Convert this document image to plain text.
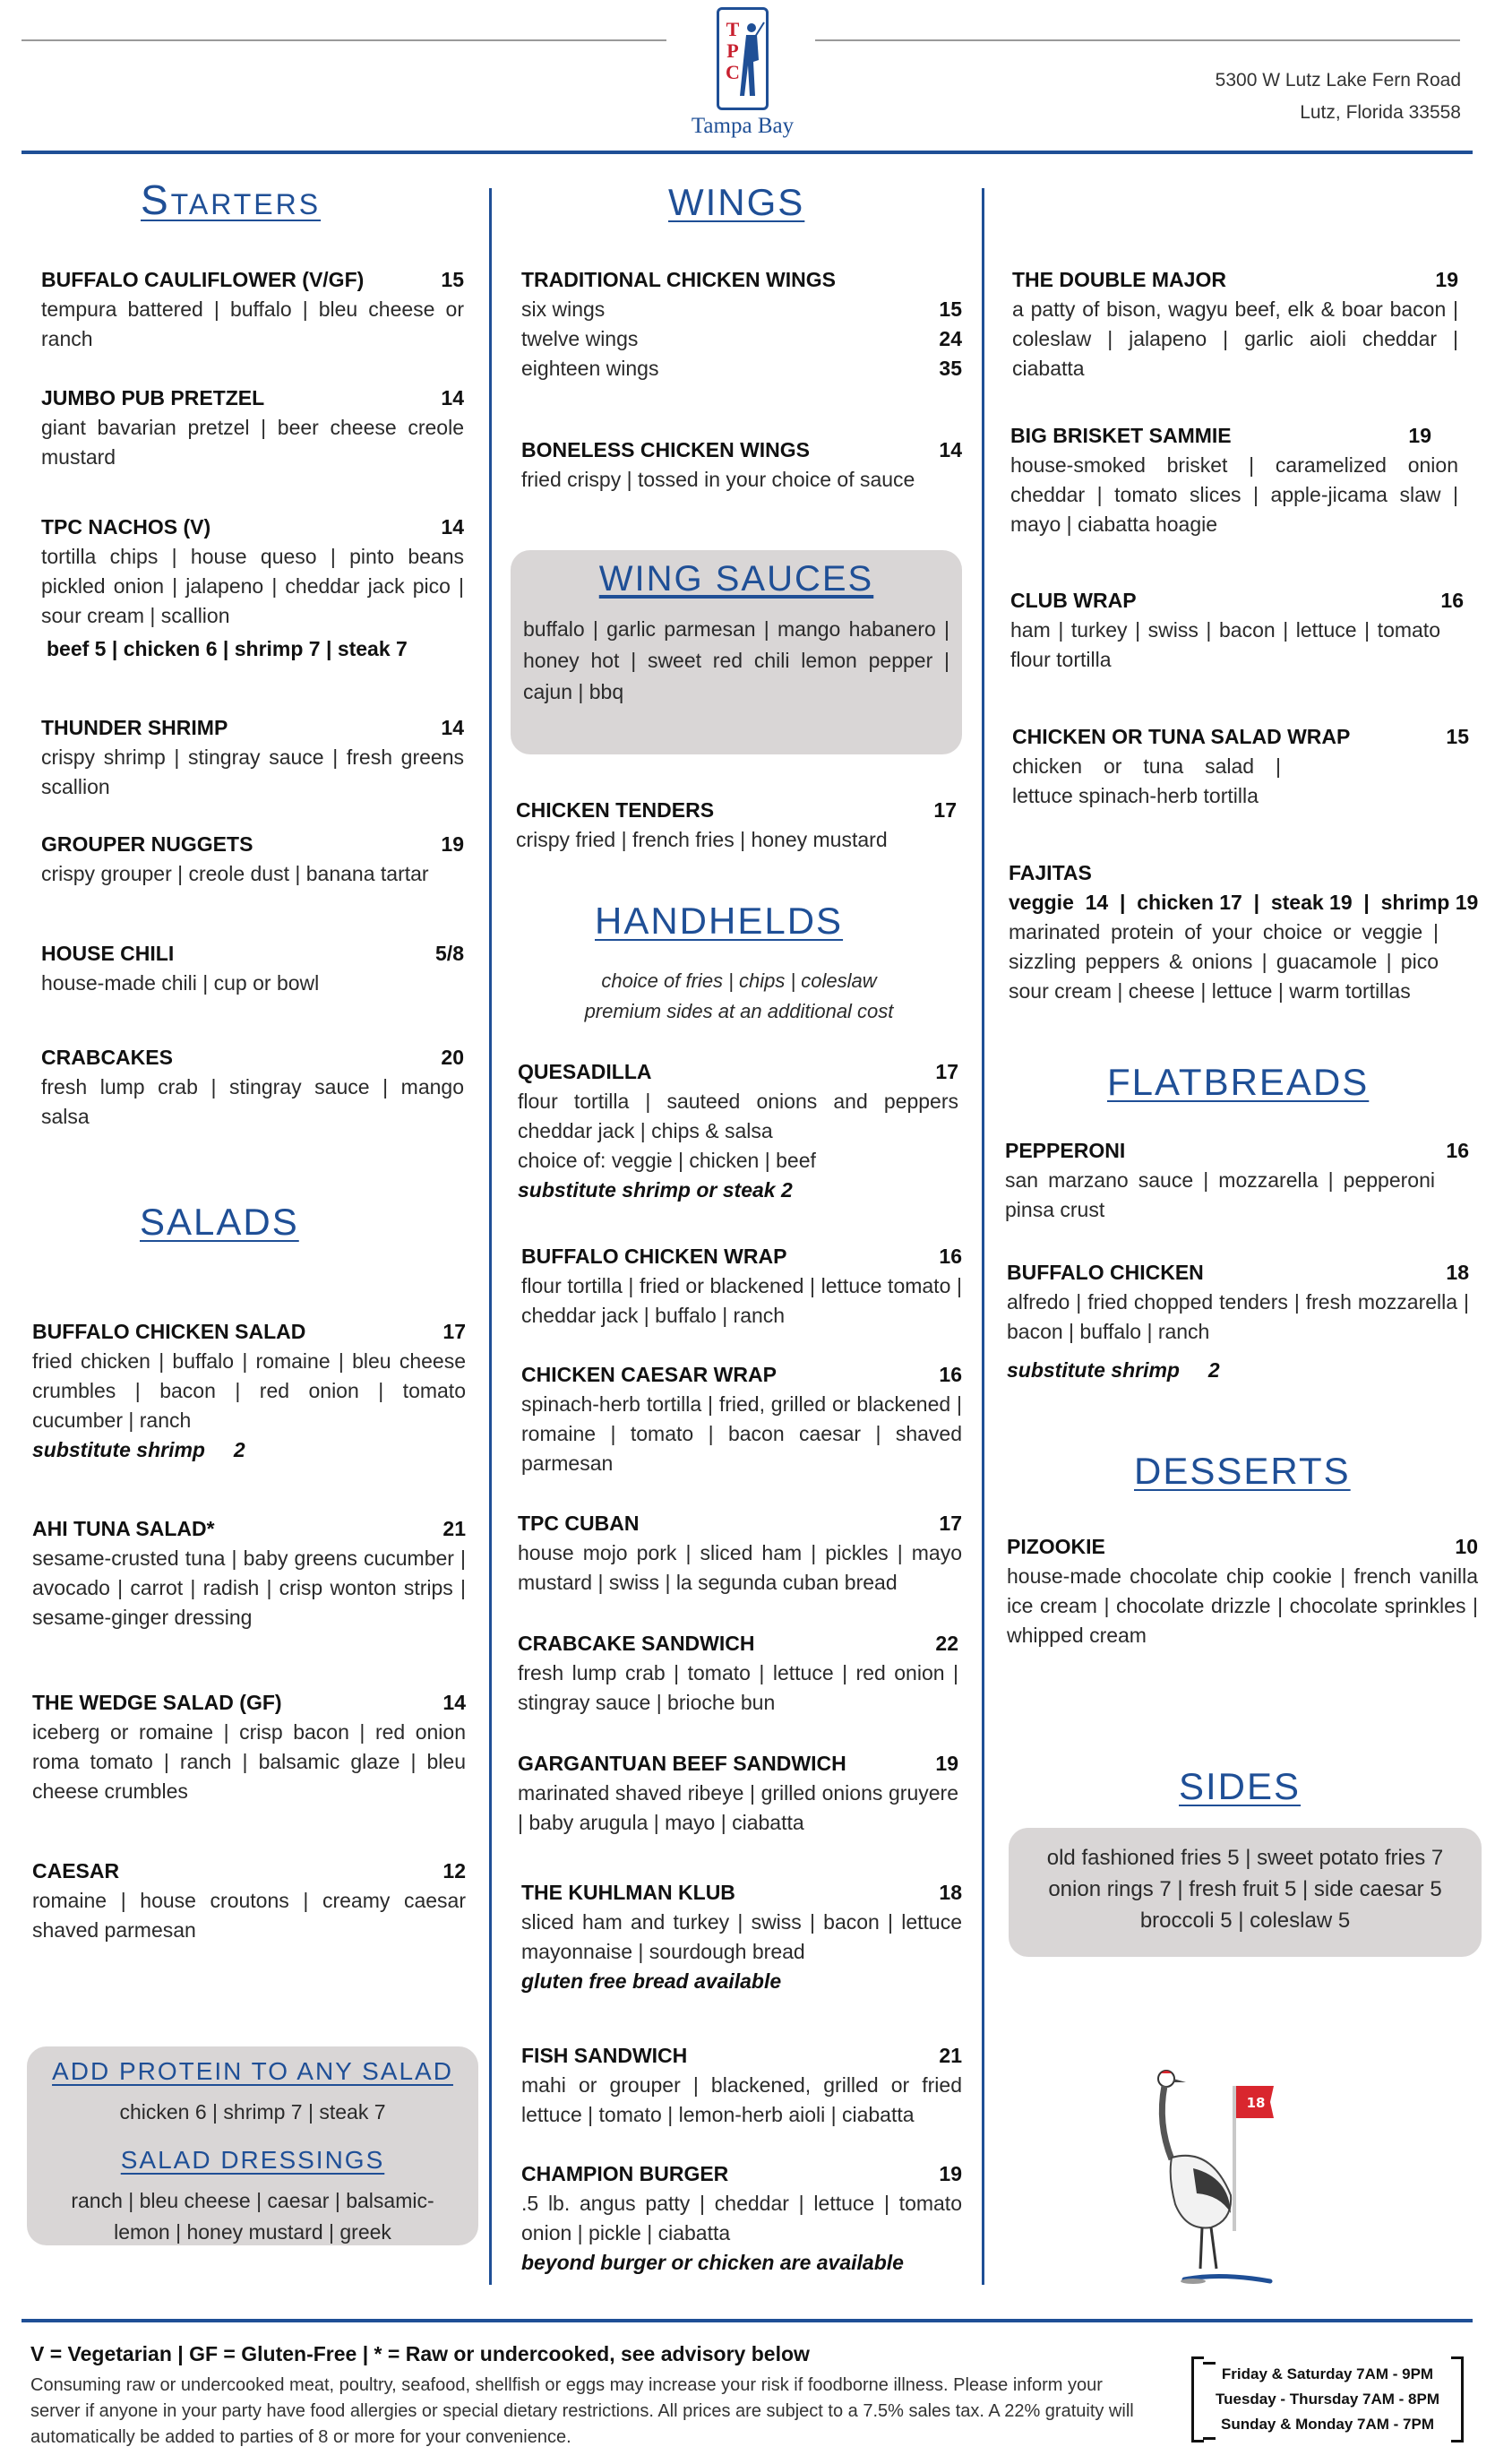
T
P
C
Tampa Bay
5300 W Lutz Lake Fern Road
Lutz, Florida 33558
Starters
BUFFALO CAULIFLOWER (V/GF)	15
tempura battered | buffalo | bleu cheese or ranch
JUMBO PUB PRETZEL	14
giant bavarian pretzel | beer cheese creole mustard
TPC NACHOS (V)	14
tortilla chips | house queso | pinto beans pickled onion | jalapeno | cheddar jack pico | sour cream | scallion
beef 5 | chicken 6 | shrimp 7 | steak 7
THUNDER SHRIMP	14
crispy shrimp | stingray sauce | fresh greens scallion
GROUPER NUGGETS	19
crispy grouper | creole dust | banana tartar
HOUSE CHILI	5/8
house-made chili | cup or bowl
CRABCAKES	20
fresh lump crab | stingray sauce | mango salsa
SALADS
BUFFALO CHICKEN SALAD	17
fried chicken | buffalo | romaine | bleu cheese crumbles | bacon | red onion | tomato cucumber | ranch
substitute shrimp     2
AHI TUNA SALAD*	21
sesame-crusted tuna | baby greens cucumber | avocado | carrot | radish | crisp wonton strips | sesame-ginger dressing
THE WEDGE SALAD (GF)	14
iceberg or romaine | crisp bacon | red onion roma tomato | ranch | balsamic glaze | bleu cheese crumbles
CAESAR	12
romaine | house croutons | creamy caesar shaved parmesan
ADD PROTEIN TO ANY SALAD
chicken 6 | shrimp 7 | steak 7
SALAD DRESSINGS
ranch | bleu cheese | caesar | balsamic-
lemon | honey mustard | greek
WINGS
TRADITIONAL CHICKEN WINGS
six wings	15
twelve wings	24
eighteen wings	35
BONELESS CHICKEN WINGS	14
fried crispy | tossed in your choice of sauce
WING SAUCES
buffalo | garlic parmesan | mango habanero | honey hot | sweet red chili lemon pepper | cajun | bbq
CHICKEN TENDERS	17
crispy fried | french fries | honey mustard
HANDHELDS
choice of fries | chips | coleslaw
premium sides at an additional cost
QUESADILLA	17
flour tortilla | sauteed onions and peppers cheddar jack | chips & salsa
choice of: veggie | chicken | beef
substitute shrimp or steak 2
BUFFALO CHICKEN WRAP	16
flour tortilla | fried or blackened | lettuce tomato | cheddar jack | buffalo | ranch
CHICKEN CAESAR WRAP	16
spinach-herb tortilla | fried, grilled or blackened | romaine | tomato | bacon caesar | shaved parmesan
TPC CUBAN	17
house mojo pork | sliced ham | pickles | mayo mustard | swiss | la segunda cuban bread
CRABCAKE SANDWICH	22
fresh lump crab | tomato | lettuce | red onion | stingray sauce | brioche bun
GARGANTUAN BEEF SANDWICH	19
marinated shaved ribeye | grilled onions gruyere | baby arugula | mayo | ciabatta
THE KUHLMAN KLUB	18
sliced ham and turkey | swiss | bacon | lettuce mayonnaise | sourdough bread
gluten free bread available
FISH SANDWICH	21
mahi or grouper | blackened, grilled or fried lettuce | tomato | lemon-herb aioli | ciabatta
CHAMPION BURGER	19
.5 lb. angus patty | cheddar | lettuce | tomato onion | pickle | ciabatta
beyond burger or chicken are available
THE DOUBLE MAJOR	19
a patty of bison, wagyu beef, elk & boar bacon | coleslaw | jalapeno | garlic aioli cheddar | ciabatta
BIG BRISKET SAMMIE	19
house-smoked brisket | caramelized onion cheddar | tomato slices | apple-jicama slaw | mayo | ciabatta hoagie
CLUB WRAP	16
ham | turkey | swiss | bacon | lettuce | tomato flour tortilla
CHICKEN OR TUNA SALAD WRAP	15
chicken or tuna salad | lettuce spinach-herb tortilla
FAJITAS
veggie  14  |  chicken 17  |  steak 19  |  shrimp 19
marinated protein of your choice or veggie | sizzling peppers & onions | guacamole | pico sour cream | cheese | lettuce | warm tortillas
FLATBREADS
PEPPERONI	16
san marzano sauce | mozzarella | pepperoni pinsa crust
BUFFALO CHICKEN	18
alfredo | fried chopped tenders | fresh mozzarella | bacon | buffalo | ranch
substitute shrimp     2
DESSERTS
PIZOOKIE	10
house-made chocolate chip cookie | french vanilla ice cream | chocolate drizzle | chocolate sprinkles | whipped cream
SIDES
old fashioned fries 5 | sweet potato fries 7
onion rings 7 | fresh fruit 5 | side caesar 5
broccoli 5 | coleslaw 5
18
V = Vegetarian | GF = Gluten-Free | * = Raw or undercooked, see advisory below
Consuming raw or undercooked meat, poultry, seafood, shellfish or eggs may increase your risk if foodborne illness. Please inform your server if anyone in your party have food allergies or special dietary restrictions. All prices are subject to a 7.5% sales tax. A 22% gratuity will automatically be added to parties of 8 or more for your convenience.
Friday & Saturday 7AM - 9PM
Tuesday - Thursday 7AM - 8PM
Sunday & Monday 7AM - 7PM
